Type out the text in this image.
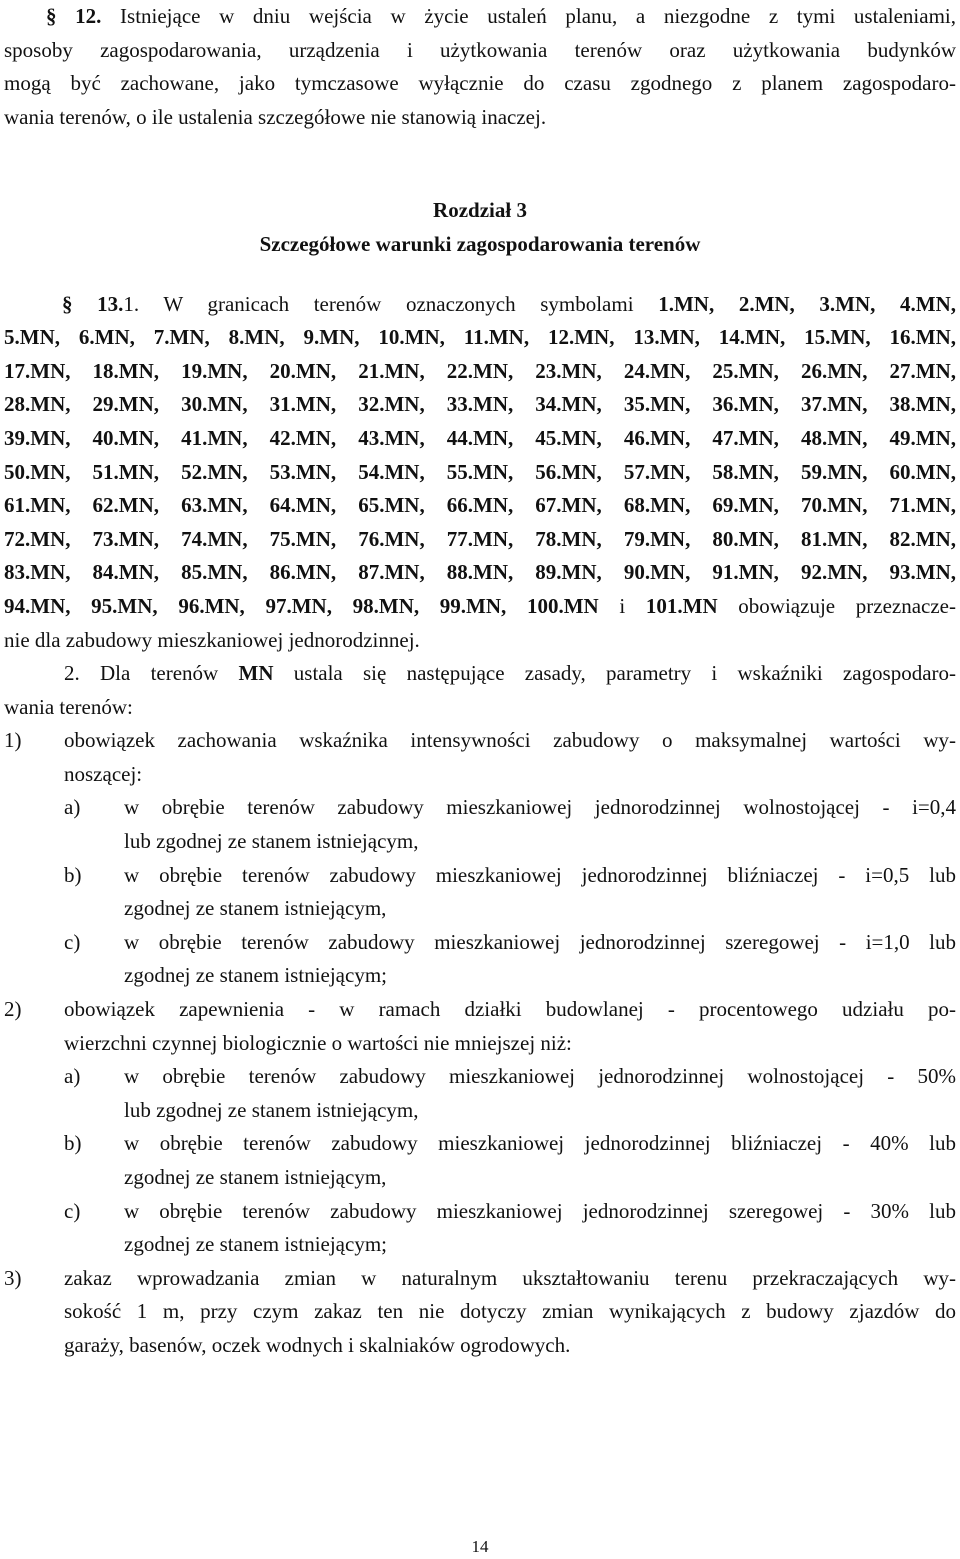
§ 12. Istniejące w dniu wejścia w życie ustaleń planu, a niezgodne z tymi ustaleniami,
sposoby zagospodarowania, urządzenia i użytkowania terenów oraz użytkowania budynków
mogą być zachowane, jako tymczasowe wyłącznie do czasu zgodnego z planem zagospodaro-
wania terenów, o ile ustalenia szczegółowe nie stanowią inaczej.
Rozdział 3
Szczegółowe warunki zagospodarowania terenów
§ 13.1. W granicach terenów oznaczonych symbolami 1.MN, 2.MN, 3.MN, 4.MN,
5.MN, 6.MN, 7.MN, 8.MN, 9.MN, 10.MN, 11.MN, 12.MN, 13.MN, 14.MN, 15.MN, 16.MN,
17.MN, 18.MN, 19.MN, 20.MN, 21.MN, 22.MN, 23.MN, 24.MN, 25.MN, 26.MN, 27.MN,
28.MN, 29.MN, 30.MN, 31.MN, 32.MN, 33.MN, 34.MN, 35.MN, 36.MN, 37.MN, 38.MN,
39.MN, 40.MN, 41.MN, 42.MN, 43.MN, 44.MN, 45.MN, 46.MN, 47.MN, 48.MN, 49.MN,
50.MN, 51.MN, 52.MN, 53.MN, 54.MN, 55.MN, 56.MN, 57.MN, 58.MN, 59.MN, 60.MN,
61.MN, 62.MN, 63.MN, 64.MN, 65.MN, 66.MN, 67.MN, 68.MN, 69.MN, 70.MN, 71.MN,
72.MN, 73.MN, 74.MN, 75.MN, 76.MN, 77.MN, 78.MN, 79.MN, 80.MN, 81.MN, 82.MN,
83.MN, 84.MN, 85.MN, 86.MN, 87.MN, 88.MN, 89.MN, 90.MN, 91.MN, 92.MN, 93.MN,
94.MN, 95.MN, 96.MN, 97.MN, 98.MN, 99.MN, 100.MN i 101.MN obowiązuje przeznacze-
nie dla zabudowy mieszkaniowej jednorodzinnej.
2. Dla terenów MN ustala się następujące zasady, parametry i wskaźniki zagospodaro-
wania terenów:
1) obowiązek zachowania wskaźnika intensywności zabudowy o maksymalnej wartości wy-
noszącej:
a) w obrębie terenów zabudowy mieszkaniowej jednorodzinnej wolnostojącej - i=0,4
lub zgodnej ze stanem istniejącym,
b) w obrębie terenów zabudowy mieszkaniowej jednorodzinnej bliźniaczej - i=0,5 lub
zgodnej ze stanem istniejącym,
c) w obrębie terenów zabudowy mieszkaniowej jednorodzinnej szeregowej - i=1,0 lub
zgodnej ze stanem istniejącym;
2) obowiązek zapewnienia - w ramach działki budowlanej - procentowego udziału po-
wierzchni czynnej biologicznie o wartości nie mniejszej niż:
a) w obrębie terenów zabudowy mieszkaniowej jednorodzinnej wolnostojącej - 50%
lub zgodnej ze stanem istniejącym,
b) w obrębie terenów zabudowy mieszkaniowej jednorodzinnej bliźniaczej - 40% lub
zgodnej ze stanem istniejącym,
c) w obrębie terenów zabudowy mieszkaniowej jednorodzinnej szeregowej - 30% lub
zgodnej ze stanem istniejącym;
3) zakaz wprowadzania zmian w naturalnym ukształtowaniu terenu przekraczających wy-
sokość 1 m, przy czym zakaz ten nie dotyczy zmian wynikających z budowy zjazdów do
garaży, basenów, oczek wodnych i skalniaków ogrodowych.
14
